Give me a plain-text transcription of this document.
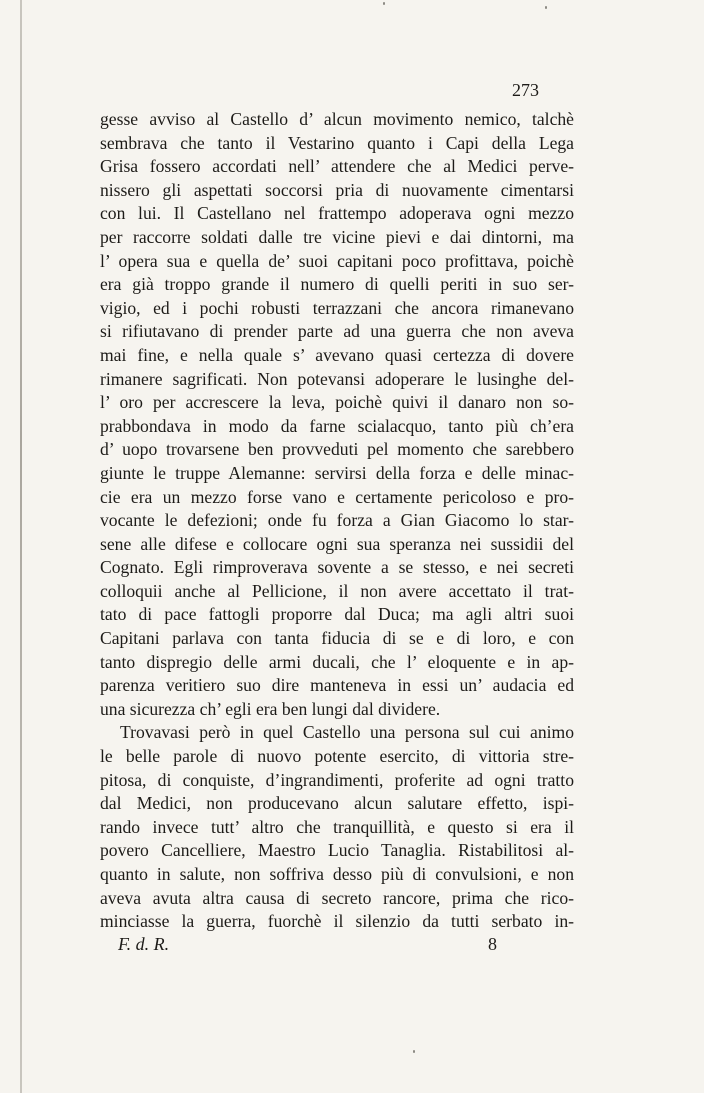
273
gesse avviso al Castello d’ alcun movimento nemico, talchè
sembrava che tanto il Vestarino quanto i Capi della Lega
Grisa fossero accordati nell’ attendere che al Medici perve-
nissero gli aspettati soccorsi pria di nuovamente cimentarsi
con lui. Il Castellano nel frattempo adoperava ogni mezzo
per raccorre soldati dalle tre vicine pievi e dai dintorni, ma
l’ opera sua e quella de’ suoi capitani poco profittava, poichè
era già troppo grande il numero di quelli periti in suo ser-
vigio, ed i pochi robusti terrazzani che ancora rimanevano
si rifiutavano di prender parte ad una guerra che non aveva
mai fine, e nella quale s’ avevano quasi certezza di dovere
rimanere sagrificati. Non potevansi adoperare le lusinghe del-
l’ oro per accrescere la leva, poichè quivi il danaro non so-
prabbondava in modo da farne scialacquo, tanto più ch’era
d’ uopo trovarsene ben provveduti pel momento che sarebbero
giunte le truppe Alemanne: servirsi della forza e delle minac-
cie era un mezzo forse vano e certamente pericoloso e pro-
vocante le defezioni; onde fu forza a Gian Giacomo lo star-
sene alle difese e collocare ogni sua speranza nei sussidii del
Cognato. Egli rimproverava sovente a se stesso, e nei secreti
colloquii anche al Pellicione, il non avere accettato il trat-
tato di pace fattogli proporre dal Duca; ma agli altri suoi
Capitani parlava con tanta fiducia di se e di loro, e con
tanto dispregio delle armi ducali, che l’ eloquente e in ap-
parenza veritiero suo dire manteneva in essi un’ audacia ed
una sicurezza ch’ egli era ben lungi dal dividere.
Trovavasi però in quel Castello una persona sul cui animo
le belle parole di nuovo potente esercito, di vittoria stre-
pitosa, di conquiste, d’ingrandimenti, proferite ad ogni tratto
dal Medici, non producevano alcun salutare effetto, ispi-
rando invece tutt’ altro che tranquillità, e questo si era il
povero Cancelliere, Maestro Lucio Tanaglia. Ristabilitosi al-
quanto in salute, non soffriva desso più di convulsioni, e non
aveva avuta altra causa di secreto rancore, prima che rico-
minciasse la guerra, fuorchè il silenzio da tutti serbato in-
F. d. R.	8
